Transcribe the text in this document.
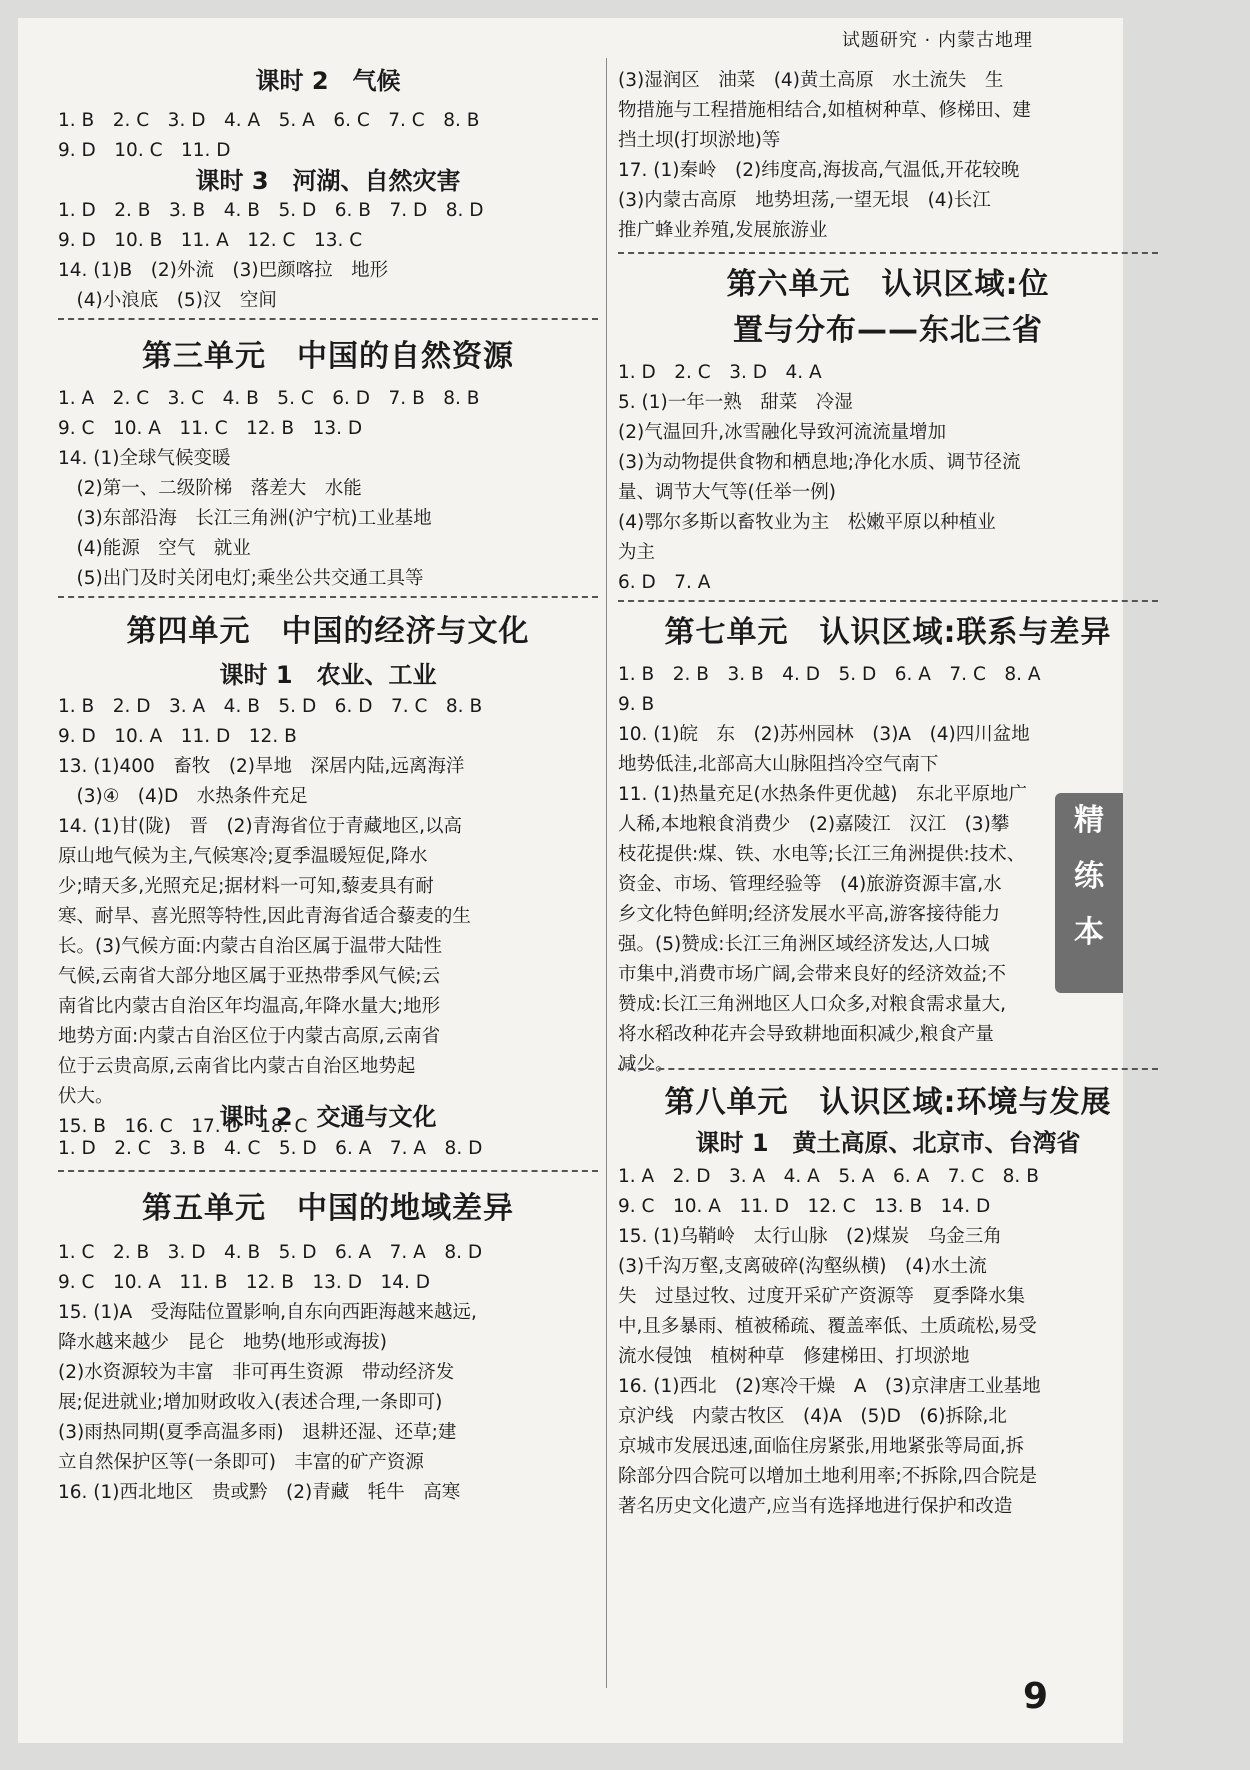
试题研究 · 内蒙古地理
课时 2　气候
1. B　2. C　3. D　4. A　5. A　6. C　7. C　8. B
9. D　10. C　11. D
课时 3　河湖、自然灾害
1. D　2. B　3. B　4. B　5. D　6. B　7. D　8. D
9. D　10. B　11. A　12. C　13. C
14. (1)B　(2)外流　(3)巴颜喀拉　地形
　(4)小浪底　(5)汉　空间
第三单元　中国的自然资源
1. A　2. C　3. C　4. B　5. C　6. D　7. B　8. B
9. C　10. A　11. C　12. B　13. D
14. (1)全球气候变暖
　(2)第一、二级阶梯　落差大　水能
　(3)东部沿海　长江三角洲(沪宁杭)工业基地
　(4)能源　空气　就业
　(5)出门及时关闭电灯;乘坐公共交通工具等
第四单元　中国的经济与文化
课时 1　农业、工业
1. B　2. D　3. A　4. B　5. D　6. D　7. C　8. B
9. D　10. A　11. D　12. B
13. (1)400　畜牧　(2)旱地　深居内陆,远离海洋
　(3)④　(4)D　水热条件充足
14. (1)甘(陇)　晋　(2)青海省位于青藏地区,以高
原山地气候为主,气候寒冷;夏季温暖短促,降水
少;晴天多,光照充足;据材料一可知,藜麦具有耐
寒、耐旱、喜光照等特性,因此青海省适合藜麦的生
长。(3)气候方面:内蒙古自治区属于温带大陆性
气候,云南省大部分地区属于亚热带季风气候;云
南省比内蒙古自治区年均温高,年降水量大;地形
地势方面:内蒙古自治区位于内蒙古高原,云南省
位于云贵高原,云南省比内蒙古自治区地势起
伏大。
15. B　16. C　17. D　18. C
课时 2　交通与文化
1. D　2. C　3. B　4. C　5. D　6. A　7. A　8. D
第五单元　中国的地域差异
1. C　2. B　3. D　4. B　5. D　6. A　7. A　8. D
9. C　10. A　11. B　12. B　13. D　14. D
15. (1)A　受海陆位置影响,自东向西距海越来越远,
降水越来越少　昆仑　地势(地形或海拔)
(2)水资源较为丰富　非可再生资源　带动经济发
展;促进就业;增加财政收入(表述合理,一条即可)
(3)雨热同期(夏季高温多雨)　退耕还湿、还草;建
立自然保护区等(一条即可)　丰富的矿产资源
16. (1)西北地区　贵或黔　(2)青藏　牦牛　高寒
(3)湿润区　油菜　(4)黄土高原　水土流失　生
物措施与工程措施相结合,如植树种草、修梯田、建
挡土坝(打坝淤地)等
17. (1)秦岭　(2)纬度高,海拔高,气温低,开花较晚
(3)内蒙古高原　地势坦荡,一望无垠　(4)长江
推广蜂业养殖,发展旅游业
第六单元　认识区域:位
置与分布——东北三省
1. D　2. C　3. D　4. A
5. (1)一年一熟　甜菜　冷湿
(2)气温回升,冰雪融化导致河流流量增加
(3)为动物提供食物和栖息地;净化水质、调节径流
量、调节大气等(任举一例)
(4)鄂尔多斯以畜牧业为主　松嫩平原以种植业
为主
6. D　7. A
第七单元　认识区域:联系与差异
1. B　2. B　3. B　4. D　5. D　6. A　7. C　8. A
9. B
10. (1)皖　东　(2)苏州园林　(3)A　(4)四川盆地
地势低洼,北部高大山脉阻挡冷空气南下
11. (1)热量充足(水热条件更优越)　东北平原地广
人稀,本地粮食消费少　(2)嘉陵江　汉江　(3)攀
枝花提供:煤、铁、水电等;长江三角洲提供:技术、
资金、市场、管理经验等　(4)旅游资源丰富,水
乡文化特色鲜明;经济发展水平高,游客接待能力
强。(5)赞成:长江三角洲区域经济发达,人口城
市集中,消费市场广阔,会带来良好的经济效益;不
赞成:长江三角洲地区人口众多,对粮食需求量大,
将水稻改种花卉会导致耕地面积减少,粮食产量
减少。
第八单元　认识区域:环境与发展
课时 1　黄土高原、北京市、台湾省
1. A　2. D　3. A　4. A　5. A　6. A　7. C　8. B
9. C　10. A　11. D　12. C　13. B　14. D
15. (1)乌鞘岭　太行山脉　(2)煤炭　乌金三角
(3)千沟万壑,支离破碎(沟壑纵横)　(4)水土流
失　过垦过牧、过度开采矿产资源等　夏季降水集
中,且多暴雨、植被稀疏、覆盖率低、土质疏松,易受
流水侵蚀　植树种草　修建梯田、打坝淤地
16. (1)西北　(2)寒冷干燥　A　(3)京津唐工业基地
京沪线　内蒙古牧区　(4)A　(5)D　(6)拆除,北
京城市发展迅速,面临住房紧张,用地紧张等局面,拆
除部分四合院可以增加土地利用率;不拆除,四合院是
著名历史文化遗产,应当有选择地进行保护和改造
精
练
本
9
